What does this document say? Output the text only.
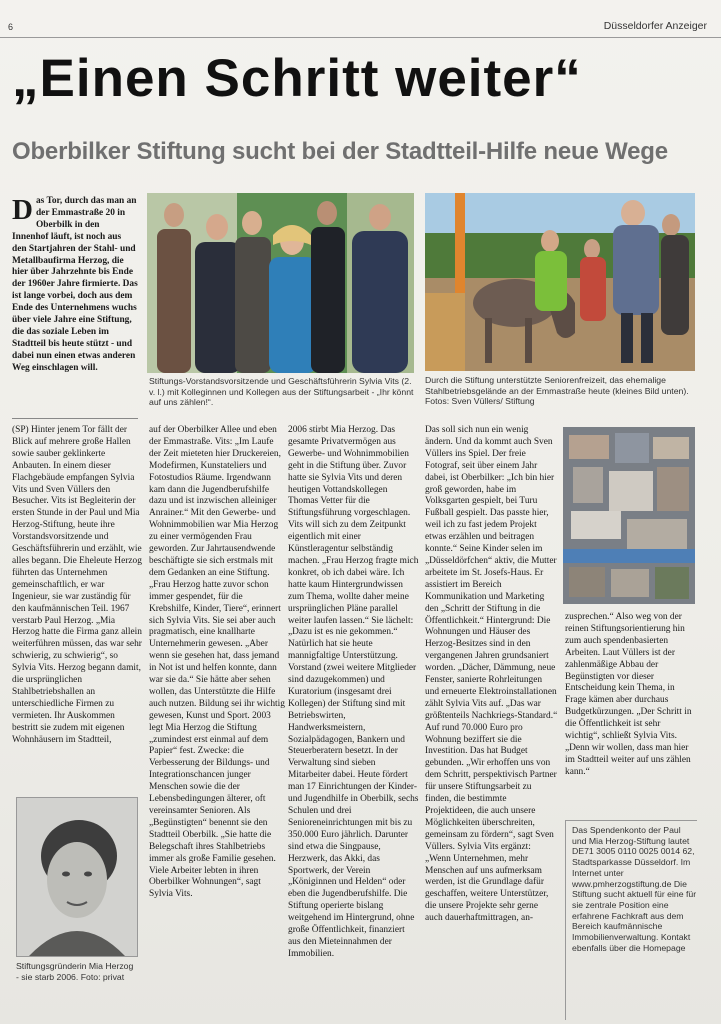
6	Düsseldorfer Anzeiger
„Einen Schritt weiter“
Oberbilker Stiftung sucht bei der Stadtteil-Hilfe neue Wege
D as Tor, durch das man an der Emmastraße 20 in Oberbilk in den Innenhof läuft, ist noch aus den Startjahren der Stahl- und Metallbaufirma Herzog, die hier über Jahrzehnte bis Ende der 1960er Jahre firmierte. Das ist lange vorbei, doch aus dem Ende des Unternehmens wuchs über viele Jahre eine Stiftung, die das soziale Leben im Stadtteil bis heute stützt - und dabei nun einen etwas anderen Weg einschlagen will.
Stiftungs-Vorstandsvorsitzende und Geschäftsführerin Sylvia Vits (2. v. l.) mit Kolleginnen und Kollegen aus der Stiftungsarbeit - „Ihr könnt auf uns zählen!“.
Durch die Stiftung unterstützte Seniorenfreizeit, das ehemalige Stahlbetriebsgelände an der Emmastraße heute (kleines Bild unten). Fotos: Sven Vüllers/ Stiftung
Stiftungsgründerin Mia Herzog - sie starb 2006. Foto: privat
(SP) Hinter jenem Tor fällt der Blick auf mehrere große Hallen sowie sauber geklinkerte Anbauten. In einem dieser Flachgebäude empfangen Sylvia Vits und Sven Vüllers den Besucher. Vits ist Begleiterin der ersten Stunde in der Paul und Mia Herzog-Stiftung, heute ihre Vorstandsvorsitzende und Geschäftsführerin und erzählt, wie alles begann. Die Eheleute Herzog führten das Unternehmen gemeinschaftlich, er war Ingenieur, sie war zuständig für den kaufmännischen Teil. 1967 verstarb Paul Herzog. „Mia Herzog hatte die Firma ganz allein weiterführen müssen, das war sehr schwierig, zu schwierig“, so Sylvia Vits. Herzog begann damit, die ursprünglichen Stahlbetriebshallen an unterschiedliche Firmen zu vermieten. Ihr Auskommen bestritt sie zudem mit eigenen Wohnhäusern im Stadtteil,
auf der Oberbilker Allee und eben der Emmastraße. Vits: „Im Laufe der Zeit mieteten hier Druckereien, Modefirmen, Kunstateliers und Fotostudios Räume. Irgendwann kam dann die Jugendberufshilfe dazu und ist inzwischen alleiniger Anrainer.“ Mit den Gewerbe- und Wohnimmobilien war Mia Herzog zu einer vermögenden Frau geworden. Zur Jahrtausendwende beschäftigte sie sich erstmals mit dem Gedanken an eine Stiftung. „Frau Herzog hatte zuvor schon immer gespendet, für die Krebshilfe, Kinder, Tiere“, erinnert sich Sylvia Vits. Sie sei aber auch pragmatisch, eine knallharte Unternehmerin gewesen. „Aber wenn sie gesehen hat, dass jemand in Not ist und helfen konnte, dann war sie da.“ Sie hätte aber sehen wollen, das Unterstützte die Hilfe auch nutzen. Bildung sei ihr wichtig gewesen, Kunst und Sport. 2003 legt Mia Herzog die Stiftung „zumindest erst einmal auf dem Papier“ fest. Zwecke: die Verbesserung der Bildungs- und Integrationschancen junger Menschen sowie die der Lebensbedingungen älterer, oft vereinsamter Senioren. Als „Begünstigten“ benennt sie den Stadtteil Oberbilk. „Sie hatte die Belegschaft ihres Stahlbetriebs immer als große Familie gesehen. Viele Arbeiter lebten in ihren Oberbilker Wohnungen“, sagt Sylvia Vits.
2006 stirbt Mia Herzog. Das gesamte Privatvermögen aus Gewerbe- und Wohnimmobilien geht in die Stiftung über. Zuvor hatte sie Sylvia Vits und deren heutigen Vottandskollegen Thomas Vetter für die Stiftungsführung vorgeschlagen. Vits will sich zu dem Zeitpunkt eigentlich mit einer Künstleragentur selbständig machen. „Frau Herzog fragte mich konkret, ob ich dabei wäre. Ich hatte kaum Hintergrundwissen zum Thema, wollte daher meine ursprünglichen Pläne parallel weiter laufen lassen.“ Sie lächelt: „Dazu ist es nie gekommen.“ Natürlich hat sie heute mannigfaltige Unterstützung. Vorstand (zwei weitere Mitglieder sind dazugekommen) und Kuratorium (insgesamt drei Kollegen) der Stiftung sind mit Betriebswirten, Handwerksmeistern, Sozialpädagogen, Bankern und Steuerberatern besetzt. In der Verwaltung sind sieben Mitarbeiter dabei. Heute fördert man 17 Einrichtungen der Kinder- und Jugendhilfe in Oberbilk, sechs Schulen und drei Senioreneinrichtungen mit bis zu 350.000 Euro jährlich. Darunter sind etwa die Singpause, Herzwerk, das Akki, das Sportwerk, der Verein „Königinnen und Helden“ oder eben die Jugendberufshilfe. Die Stiftung operierte bislang weitgehend im Hintergrund, ohne große Öffentlichkeit, finanziert aus den Mieteinnahmen der Immobilien.
Das soll sich nun ein wenig ändern. Und da kommt auch Sven Vüllers ins Spiel. Der freie Fotograf, seit über einem Jahr dabei, ist Oberbilker: „Ich bin hier groß geworden, habe im Volksgarten gespielt, bei Turu Fußball gespielt. Das passte hier, weil ich zu fast jedem Projekt etwas erzählen und beitragen konnte.“ Seine Kinder selen im „Düsseldörfchen“ aktiv, die Mutter arbeitete im St. Josefs-Haus. Er assistiert im Bereich Kommunikation und Marketing den „Schritt der Stiftung in die Öffentlichkeit.“ Hintergrund: Die Wohnungen und Häuser des Herzog-Besitzes sind in den vergangenen Jahren grundsaniert worden. „Dächer, Dämmung, neue Fenster, sanierte Rohrleitungen und erneuerte Elektroinstallationen zählt Sylvia Vits auf. „Das war größtenteils Nachkriegs-Standard.“ Auf rund 70.000 Euro pro Wohnung beziffert sie die Investition. Das hat Budget gebunden. „Wir erhoffen uns von dem Schritt, perspektivisch Partner für unsere Stiftungsarbeit zu finden, die bestimmte Projektideen, die auch unsere Möglichkeiten überschreiten, gemeinsam zu fördern“, sagt Sven Vüllers. Sylvia Vits ergänzt: „Wenn Unternehmen, mehr Menschen auf uns aufmerksam werden, ist die Grundlage dafür geschaffen, weitere Unterstützer, die unsere Projekte sehr gerne auch dauerhaftmittragen, an-
zusprechen.“ Also weg von der reinen Stiftungsorientierung hin zum auch spendenbasierten Arbeiten. Laut Vüllers ist der zahlenmäßige Abbau der Begünstigten vor dieser Entscheidung kein Thema, in Frage kämen aber durchaus Budgetkürzungen. „Der Schritt in die Öffentlichkeit ist sehr wichtig“, schließt Sylvia Vits. „Denn wir wollen, dass man hier im Stadtteil weiter auf uns zählen kann.“
Das Spendenkonto der Paul und Mia Herzog-Stiftung lautet DE71 3005 0110 0025 0014 62, Stadtsparkasse Düsseldorf. Im Internet unter www.pmherzogstiftung.de Die Stiftung sucht aktuell für eine für sie zentrale Position eine erfahrene Fachkraft aus dem Bereich kaufmännische Immobilienverwaltung. Kontakt ebenfalls über die Homepage
